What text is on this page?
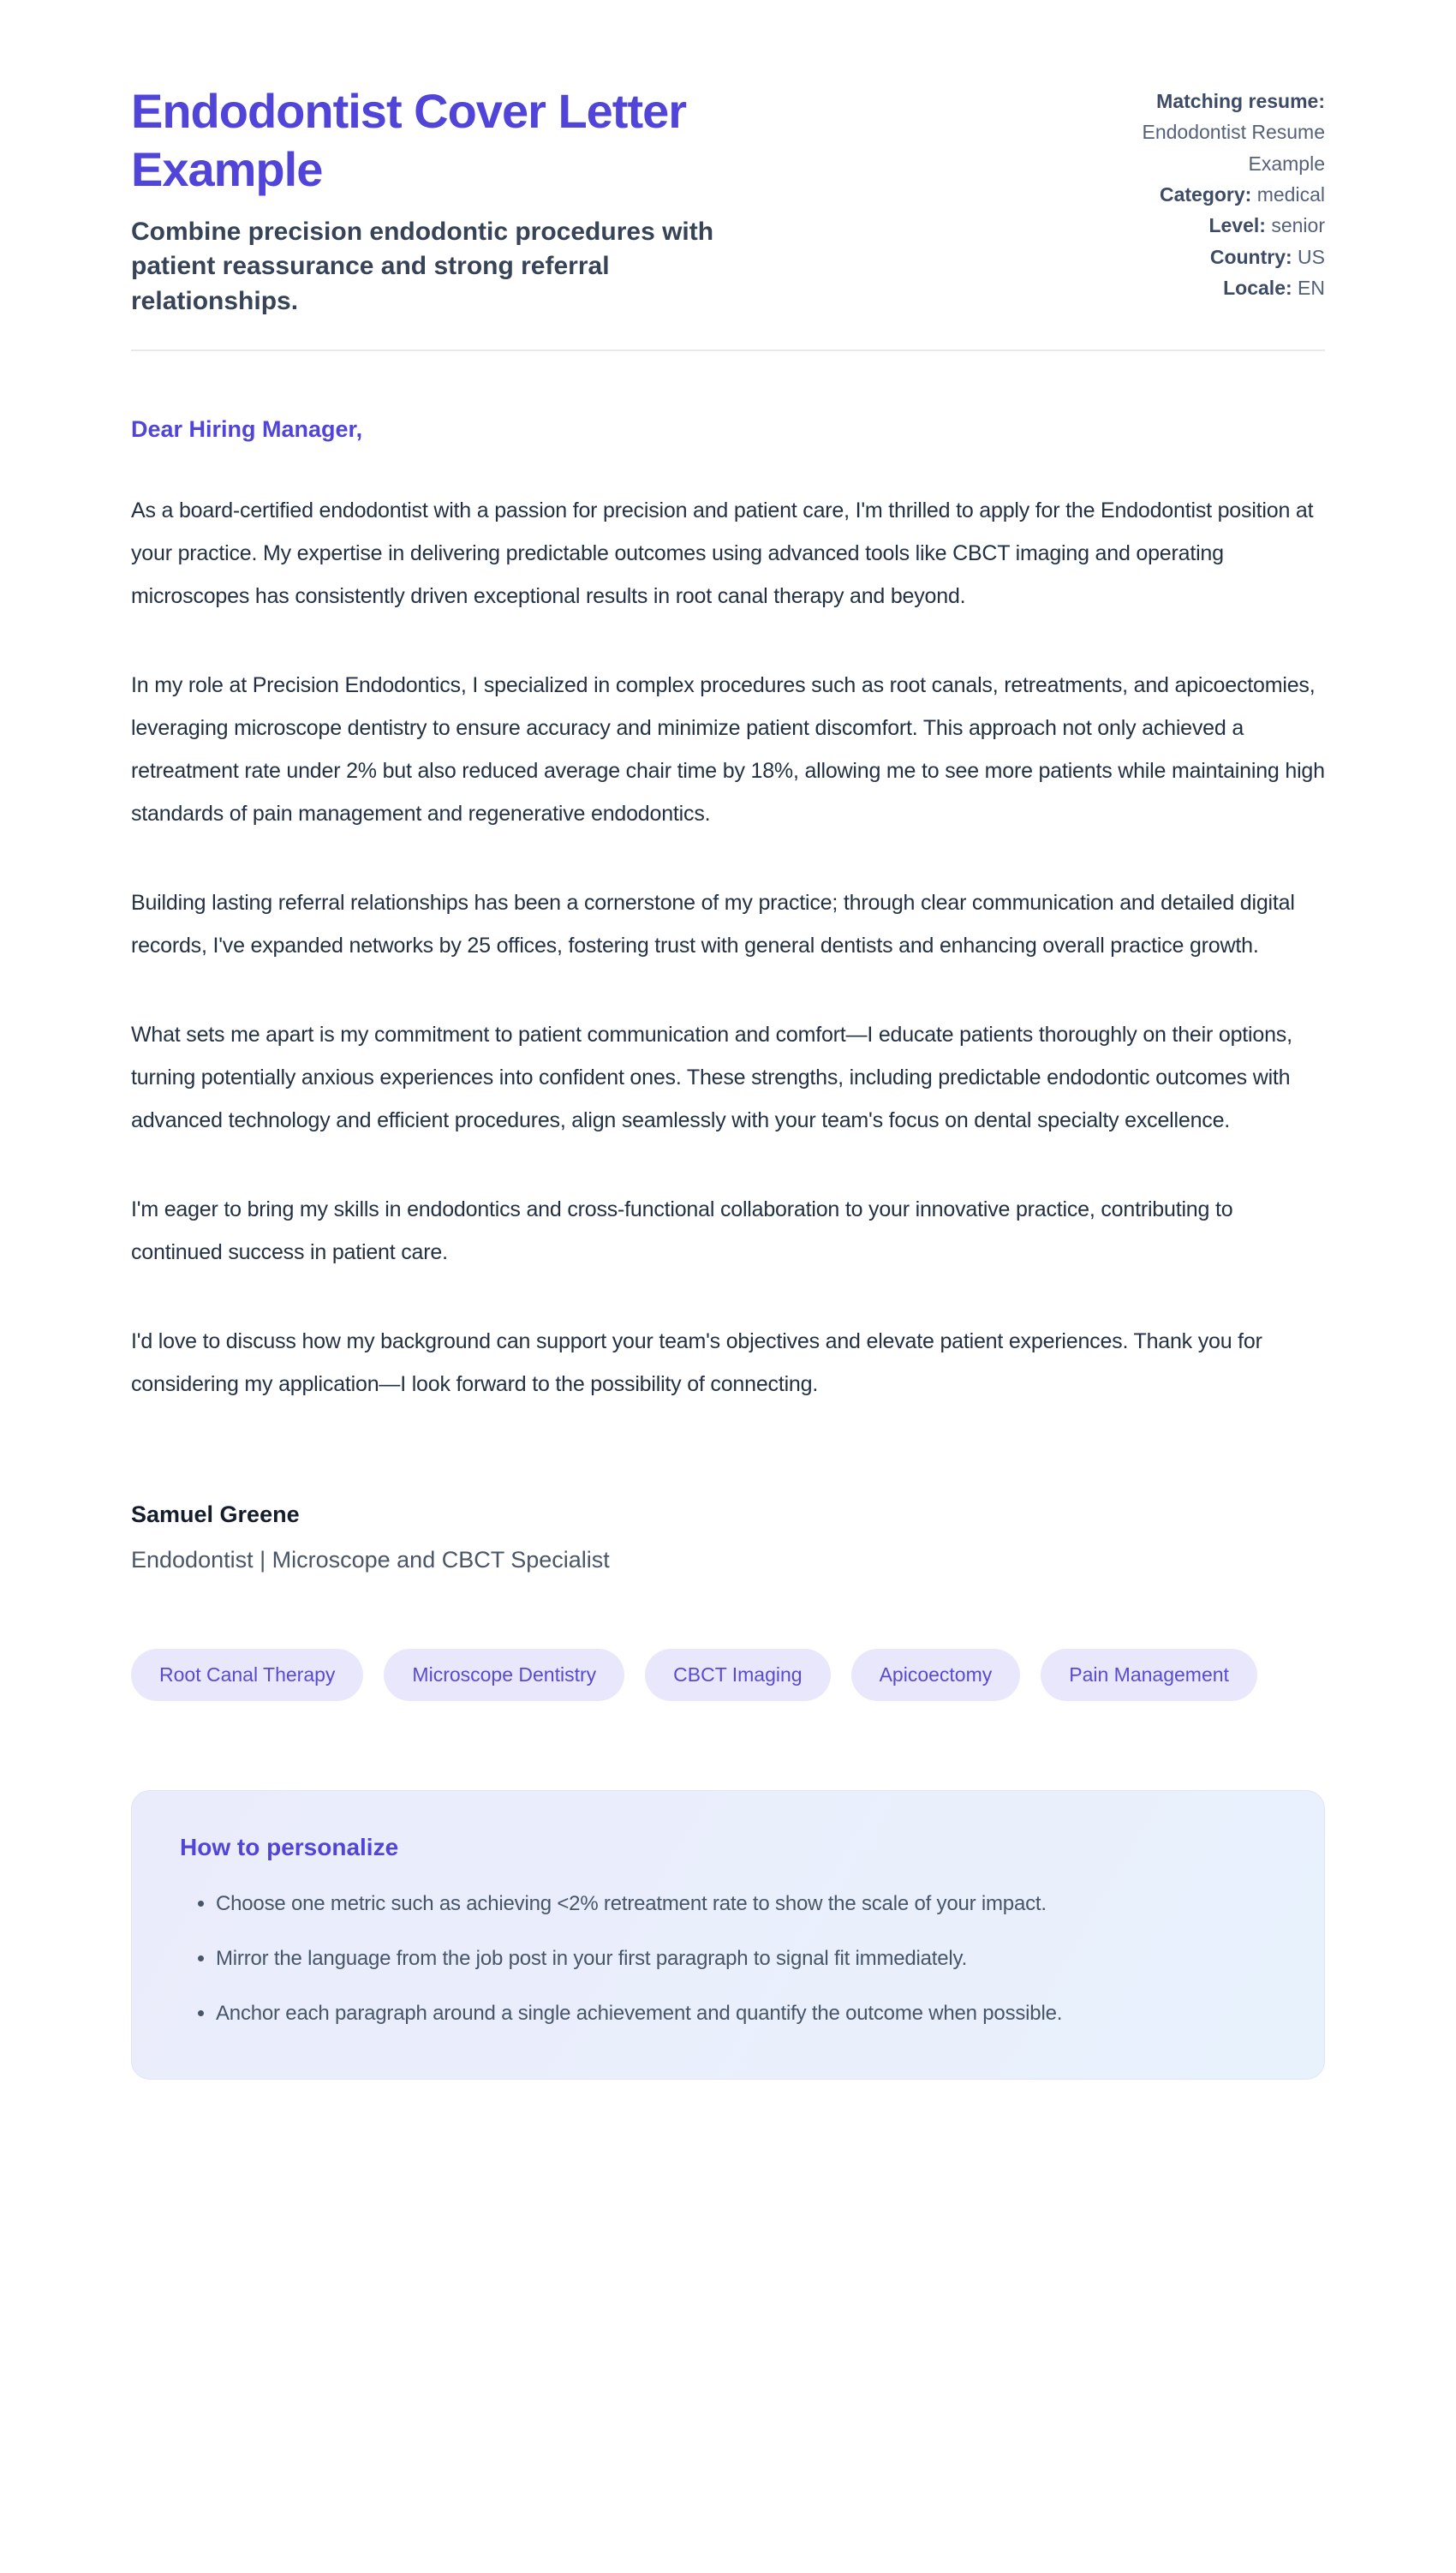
Endodontist Cover Letter Example

Combine precision endodontic procedures with patient reassurance and strong referral relationships.

Matching resume:
Endodontist Resume Example
Category: medical
Level: senior
Country: US
Locale: EN
Dear Hiring Manager,

As a board-certified endodontist with a passion for precision and patient care, I'm thrilled to apply for the Endodontist position at your practice. My expertise in delivering predictable outcomes using advanced tools like CBCT imaging and operating microscopes has consistently driven exceptional results in root canal therapy and beyond.

In my role at Precision Endodontics, I specialized in complex procedures such as root canals, retreatments, and apicoectomies, leveraging microscope dentistry to ensure accuracy and minimize patient discomfort. This approach not only achieved a retreatment rate under 2% but also reduced average chair time by 18%, allowing me to see more patients while maintaining high standards of pain management and regenerative endodontics.

Building lasting referral relationships has been a cornerstone of my practice; through clear communication and detailed digital records, I've expanded networks by 25 offices, fostering trust with general dentists and enhancing overall practice growth.

What sets me apart is my commitment to patient communication and comfort—I educate patients thoroughly on their options, turning potentially anxious experiences into confident ones. These strengths, including predictable endodontic outcomes with advanced technology and efficient procedures, align seamlessly with your team's focus on dental specialty excellence.

I'm eager to bring my skills in endodontics and cross-functional collaboration to your innovative practice, contributing to continued success in patient care.

I'd love to discuss how my background can support your team's objectives and elevate patient experiences. Thank you for considering my application—I look forward to the possibility of connecting.

Samuel Greene
Endodontist | Microscope and CBCT Specialist
Root Canal Therapy	Microscope Dentistry	CBCT Imaging	Apicoectomy	Pain Management
How to personalize
• Choose one metric such as achieving <2% retreatment rate to show the scale of your impact.
• Mirror the language from the job post in your first paragraph to signal fit immediately.
• Anchor each paragraph around a single achievement and quantify the outcome when possible.
